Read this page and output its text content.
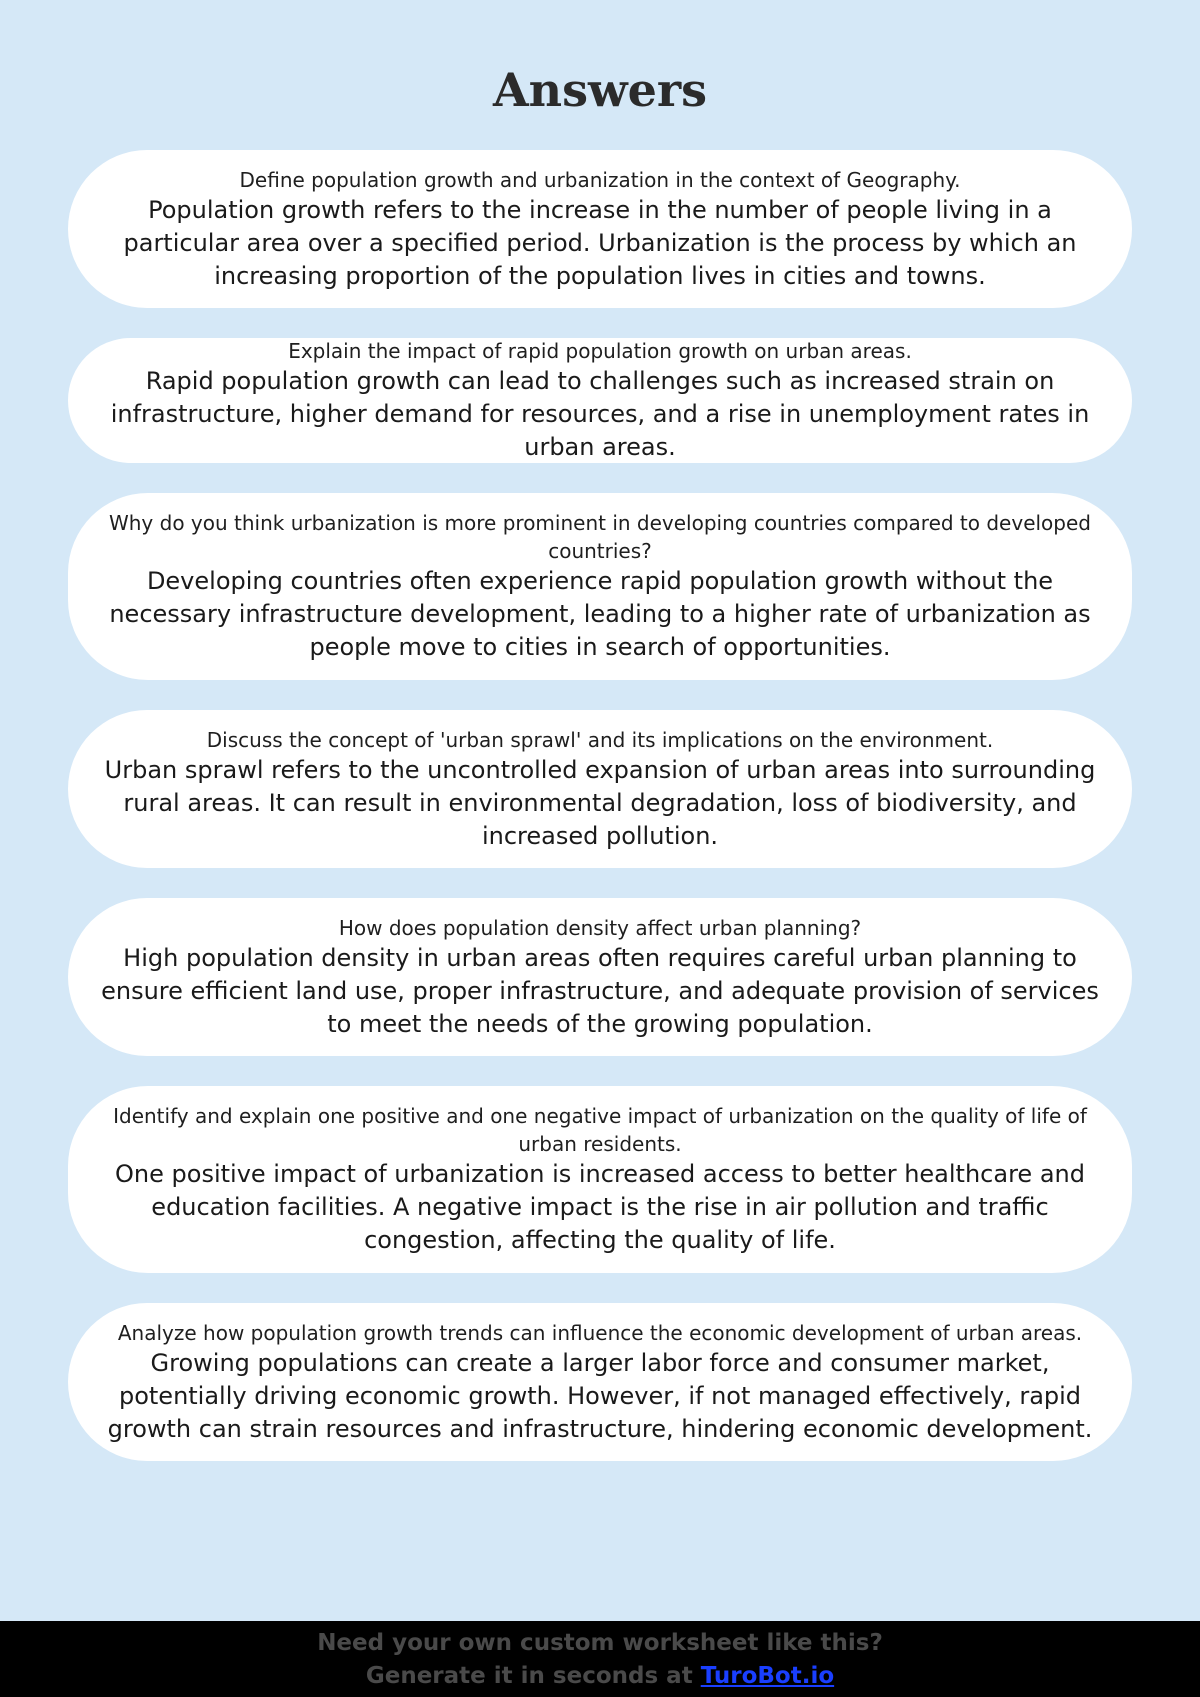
Answers
Define population growth and urbanization in the context of Geography.
Population growth refers to the increase in the number of people living in a particular area over a specified period. Urbanization is the process by which an increasing proportion of the population lives in cities and towns.
Explain the impact of rapid population growth on urban areas.
Rapid population growth can lead to challenges such as increased strain on infrastructure, higher demand for resources, and a rise in unemployment rates in urban areas.
Why do you think urbanization is more prominent in developing countries compared to developed countries?
Developing countries often experience rapid population growth without the necessary infrastructure development, leading to a higher rate of urbanization as people move to cities in search of opportunities.
Discuss the concept of 'urban sprawl' and its implications on the environment.
Urban sprawl refers to the uncontrolled expansion of urban areas into surrounding rural areas. It can result in environmental degradation, loss of biodiversity, and increased pollution.
How does population density affect urban planning?
High population density in urban areas often requires careful urban planning to ensure efficient land use, proper infrastructure, and adequate provision of services to meet the needs of the growing population.
Identify and explain one positive and one negative impact of urbanization on the quality of life of urban residents.
One positive impact of urbanization is increased access to better healthcare and education facilities. A negative impact is the rise in air pollution and traffic congestion, affecting the quality of life.
Analyze how population growth trends can influence the economic development of urban areas.
Growing populations can create a larger labor force and consumer market, potentially driving economic growth. However, if not managed effectively, rapid growth can strain resources and infrastructure, hindering economic development.
Need your own custom worksheet like this?
Generate it in seconds at TuroBot.io
